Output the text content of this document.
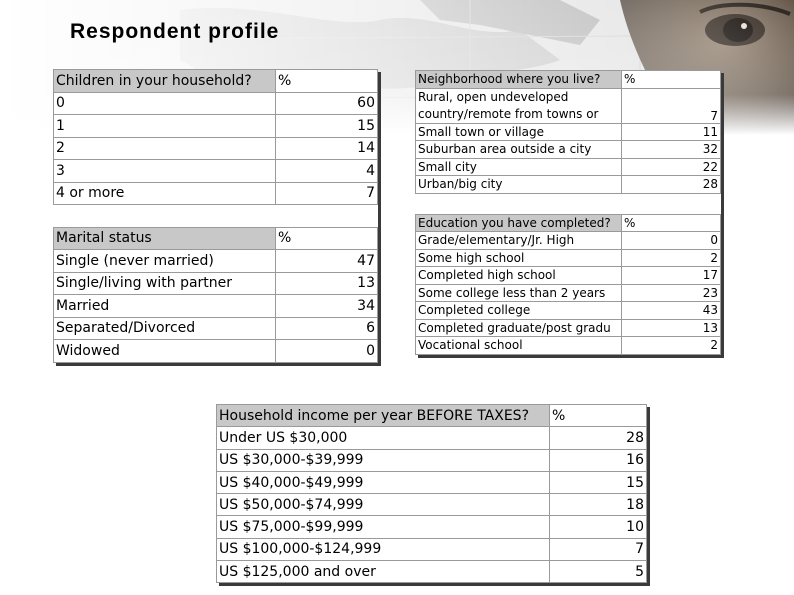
Respondent profile
Children in your household?	%
0	60
1	15
2	14
3	4
4 or more	7

Marital status	%
Single (never married)	47
Single/living with partner	13
Married	34
Separated/Divorced	6
Widowed	0
Neighborhood where you live?	%
Rural, open undeveloped
country/remote from towns or	7
Small town or village	11
Suburban area outside a city	32
Small city	22
Urban/big city	28

Education you have completed?	%
Grade/elementary/Jr. High	0
Some high school	2
Completed high school	17
Some college less than 2 years	23
Completed college	43
Completed graduate/post gradu	13
Vocational school	2
Household income per year BEFORE TAXES?	%
Under US $30,000	28
US $30,000-$39,999	16
US $40,000-$49,999	15
US $50,000-$74,999	18
US $75,000-$99,999	10
US $100,000-$124,999	7
US $125,000 and over	5
